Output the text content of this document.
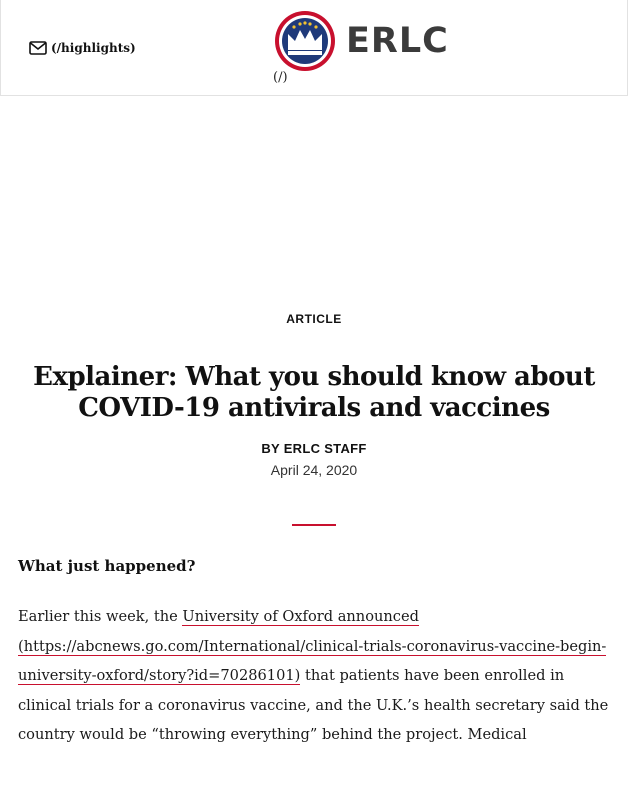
(/highlights)	ERLC
(/)
ARTICLE
Explainer: What you should know about COVID-19 antivirals and vaccines
BY ERLC STAFF
April 24, 2020
What just happened?

Earlier this week, the University of Oxford announced (https://abcnews.go.com/International/clinical-trials-coronavirus-vaccine-begin-university-oxford/story?id=70286101) that patients have been enrolled in clinical trials for a coronavirus vaccine, and the U.K.’s health secretary said the country would be “throwing everything” behind the project. Medical
